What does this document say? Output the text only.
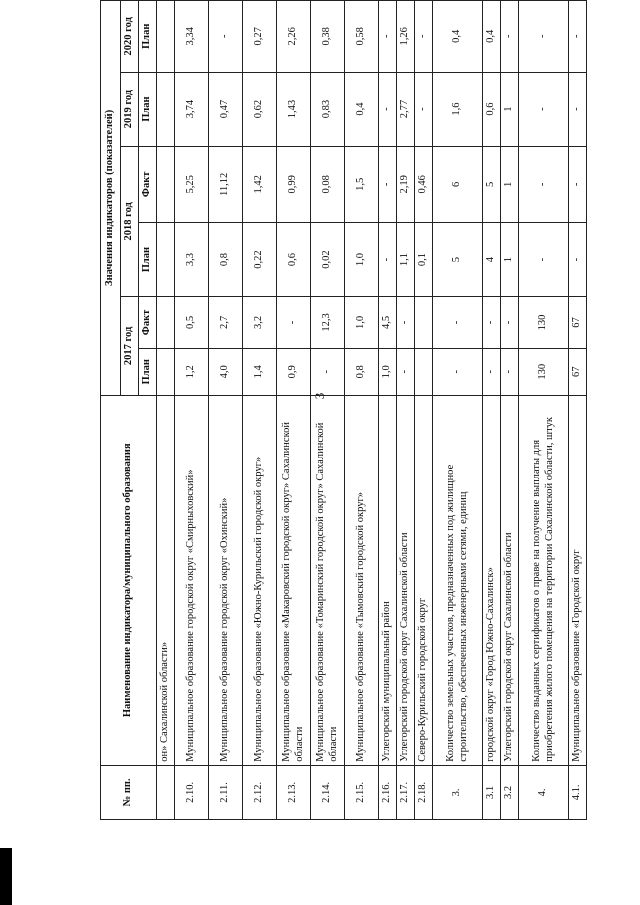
3
№ пп.	Наименование индикатора/муниципального образования	Значения индикаторов (показателей)					
		2017 год		2018 год		2019 год	2020 год
		План	Факт	План	Факт	План	План
	он» Сахалинской области»						
2.10.	Муниципальное образование городской округ «Смирныховский»	1,2	0,5	3,3	5,25	3,74	3,34
2.11.	Муниципальное образование городской округ «Охинский»	4,0	2,7	0,8	11,12	0,47	-
2.12.	Муниципальное образование «Южно-Курильский городской округ»	1,4	3,2	0,22	1,42	0,62	0,27
2.13.	Муниципальное образование «Макаровский городской округ» Сахалинской области	0,9	-	0,6	0,99	1,43	2,26
2.14.	Муниципальное образование «Томаринский городской округ» Сахалинской области	-	12,3	0,02	0,08	0,83	0,38
2.15.	Муниципальное образование «Тымовский городской округ»	0,8	1,0	1,0	1,5	0,4	0,58
2.16.	Углегорский муниципальный район	1,0	4,5	-	-	-	-
2.17.	Углегорский городской округ Сахалинской области	-	-	1,1	2,19	2,77	1,26
2.18.	Северо-Курильский городской округ			0,1	0,46	-	-
3.	Количество земельных участков, предназначенных под жилищное строительство, обеспеченных инженерными сетями, единиц	-	-	5	6	1,6	0,4
3.1	городской округ «Город Южно-Сахалинск»	-	-	4	5	0,6	0,4
3.2	Углегорский городской округ Сахалинской области	-	-	1	1	1	-
4.	Количество выданных сертификатов о праве на получение выплаты для приобретения жилого помещения на территории Сахалинской области, штук	130	130	-	-	-	-
4.1.	Муниципальное образование «Городской округ	67	67	-	-	-	-
